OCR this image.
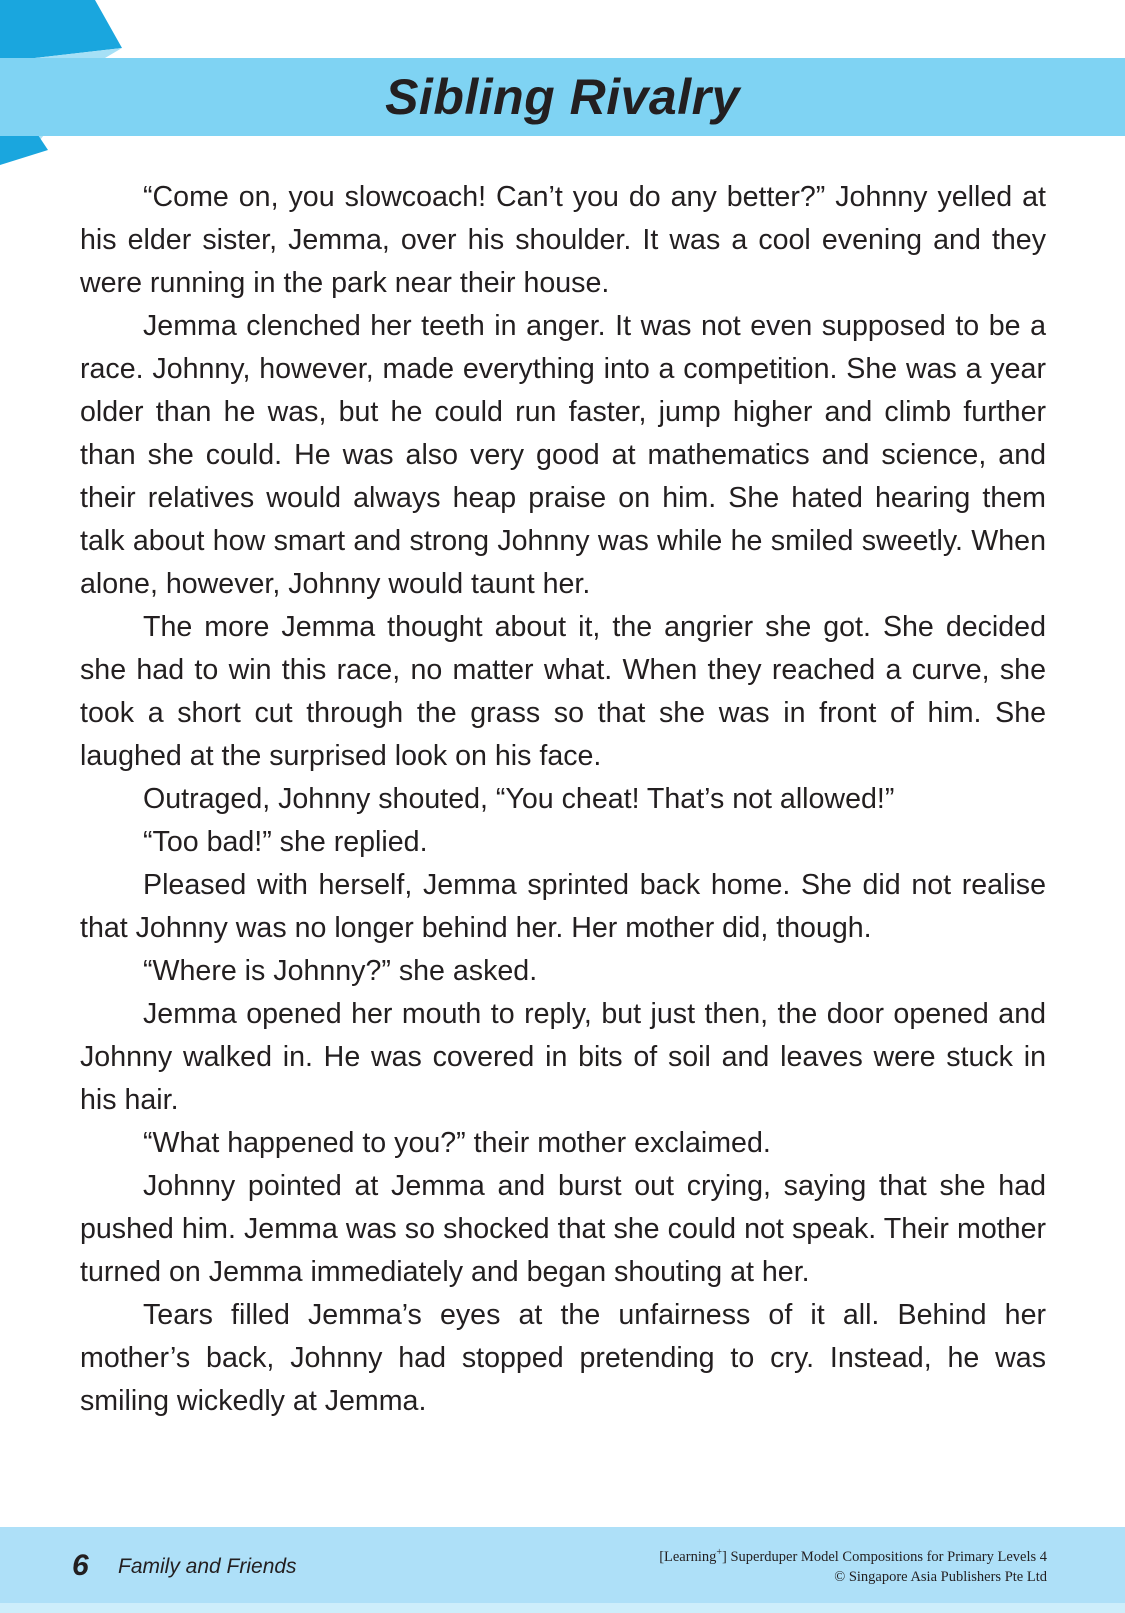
Sibling Rivalry

“Come on, you slowcoach! Can’t you do any better?” Johnny yelled at his elder sister, Jemma, over his shoulder. It was a cool evening and they were running in the park near their house.

Jemma clenched her teeth in anger. It was not even supposed to be a race. Johnny, however, made everything into a competition. She was a year older than he was, but he could run faster, jump higher and climb further than she could. He was also very good at mathematics and science, and their relatives would always heap praise on him. She hated hearing them talk about how smart and strong Johnny was while he smiled sweetly. When alone, however, Johnny would taunt her.

The more Jemma thought about it, the angrier she got. She decided she had to win this race, no matter what. When they reached a curve, she took a short cut through the grass so that she was in front of him. She laughed at the surprised look on his face.

Outraged, Johnny shouted, “You cheat! That’s not allowed!”

“Too bad!” she replied.

Pleased with herself, Jemma sprinted back home. She did not realise that Johnny was no longer behind her. Her mother did, though.

“Where is Johnny?” she asked.

Jemma opened her mouth to reply, but just then, the door opened and Johnny walked in. He was covered in bits of soil and leaves were stuck in his hair.

“What happened to you?” their mother exclaimed.

Johnny pointed at Jemma and burst out crying, saying that she had pushed him. Jemma was so shocked that she could not speak. Their mother turned on Jemma immediately and began shouting at her.

Tears filled Jemma’s eyes at the unfairness of it all. Behind her mother’s back, Johnny had stopped pretending to cry. Instead, he was smiling wickedly at Jemma.

6 Family and Friends	[Learning+] Superduper Model Compositions for Primary Levels 4
© Singapore Asia Publishers Pte Ltd
